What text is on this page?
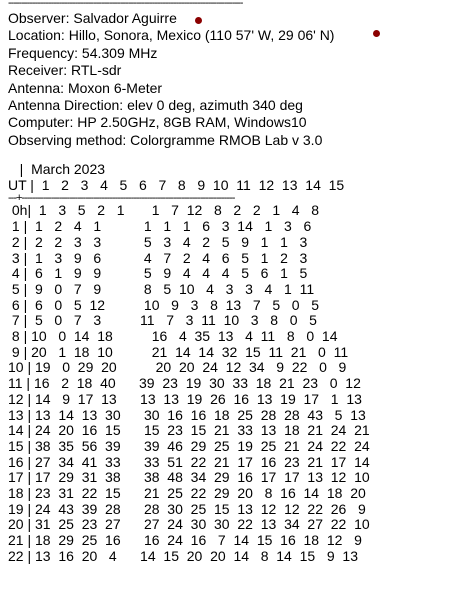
----------------------------------------------------------------------------------------
Observer: Salvador Aguirre
Location: Hillo, Sonora, Mexico (110 57' W, 29 06' N)
Frequency: 54.309 MHz
Receiver: RTL-sdr
Antenna: Moxon 6-Meter
Antenna Direction: elev 0 deg, azimuth 340 deg
Computer: HP 2.50GHz, 8GB RAM, Windows10
Observing method: Colorgramme RMOB Lab v 3.0
|  March 2023
UT |  1   2   3   4   5   6   7   8   9  10  11  12  13  14  15
---+--------------------------------------------------------------------------------
0h|  1   3   5   2   1       1   7  12   8   2   2   1   4   8
1 |  1   2   4   1           1   1   1   6   3  14   1   3   6
2 |  2   2   3   3           5   3   4   2   5   9   1   1   3
3 |  1   3   9   6           4   7   2   4   6   5   1   2   3
4 |  6   1   9   9           5   9   4   4   4   5   6   1   5
5 |  9   0   7   9           8   5  10   4   3   3   4   1  11
6 |  6   0   5  12          10   9   3   8  13   7   5   0   5
7 |  5   0   7   3          11   7   3  11  10   3   8   0   5
8 | 10   0  14  18          16   4  35  13   4  11   8   0  14
9 | 20   1  18  10          21  14  14  32  15  11  21   0  11
10 | 19   0  29  20          20  20  24  12  34   9  22   0   9
11 | 16   2  18  40      39  23  19  30  33  18  21  23   0  12
12 | 14   9  17  13      13  13  19  26  16  13  19  17   1  13
13 | 13  14  13  30      30  16  16  18  25  28  28  43   5  13
14 | 24  20  16  15      15  23  15  21  33  13  18  21  24  21
15 | 38  35  56  39      39  46  29  25  19  25  21  24  22  24
16 | 27  34  41  33      33  51  22  21  17  16  23  21  17  14
17 | 17  29  31  38      38  48  34  29  16  17  17  13  12  10
18 | 23  31  22  15      21  25  22  29  20   8  16  14  18  20
19 | 24  43  39  28      28  30  25  15  13  12  12  22  26   9
20 | 31  25  23  27      27  24  30  30  22  13  34  27  22  10
21 | 18  29  25  16      16  24  16   7  14  15  16  18  12   9
22 | 13  16  20   4      14  15  20  20  14   8  14  15   9  13
